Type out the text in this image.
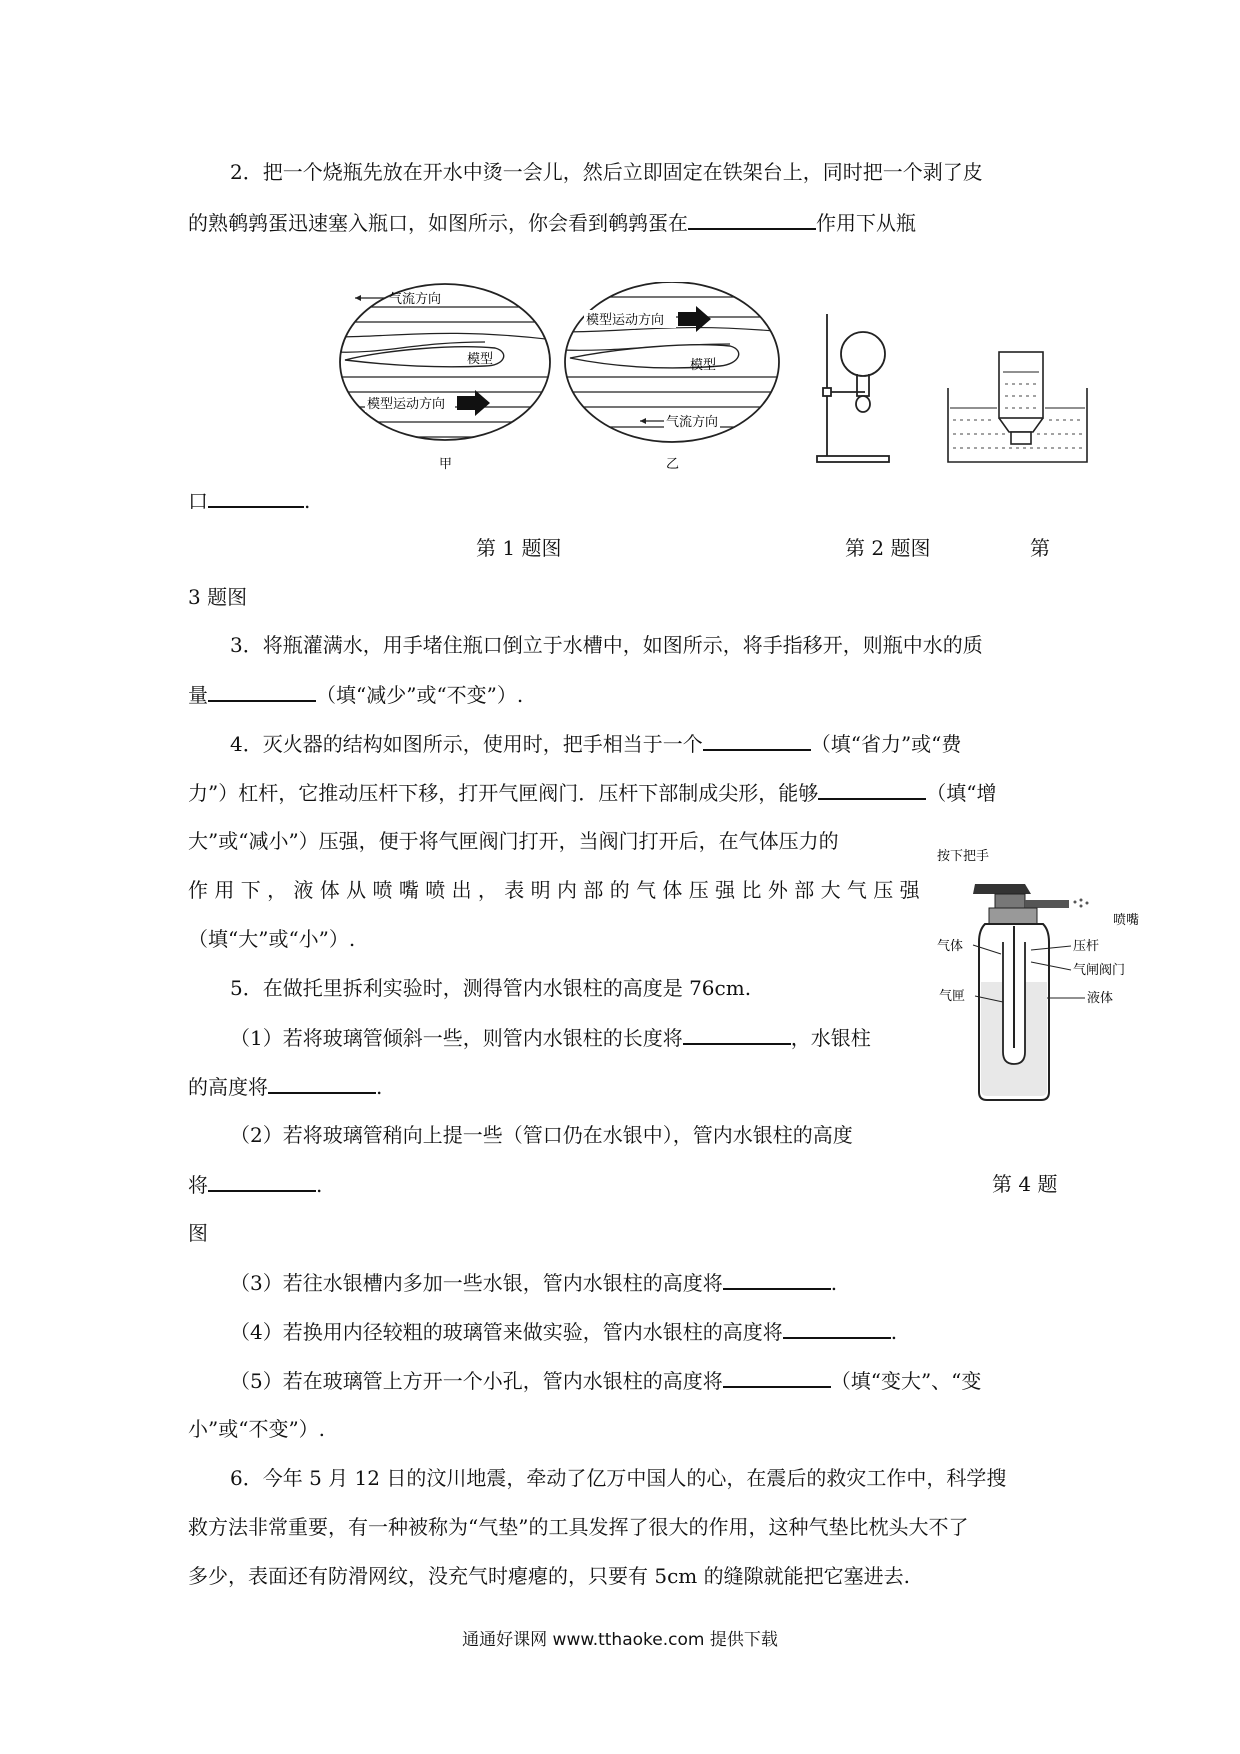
2．把一个烧瓶先放在开水中烫一会儿，然后立即固定在铁架台上，同时把一个剥了皮
的熟鹌鹑蛋迅速塞入瓶口，如图所示，你会看到鹌鹑蛋在	作用下从瓶
气流方向
模型
模型运动方向
甲
模型运动方向
模型
气流方向
乙
口	.
第 1 题图	第 2 题图	第
3 题图
3．将瓶灌满水，用手堵住瓶口倒立于水槽中，如图所示，将手指移开，则瓶中水的质
量	（填“减少”或“不变”）.
4．灭火器的结构如图所示，使用时，把手相当于一个	（填“省力”或“费
力”）杠杆，它推动压杆下移，打开气匣阀门．压杆下部制成尖形，能够	（填“增
大”或“减小”）压强，便于将气匣阀门打开，当阀门打开后，在气体压力的
作 用 下 ， 液 体 从 喷 嘴 喷 出 ， 表 明 内 部 的 气 体 压 强 比 外 部 大 气 压 强
（填“大”或“小”）.
按下把手
喷嘴
气体	压杆
气闸阀门
气匣	液体
5．在做托里拆利实验时，测得管内水银柱的高度是 76cm.
（1）若将玻璃管倾斜一些，则管内水银柱的长度将	，水银柱
的高度将	.
（2）若将玻璃管稍向上提一些（管口仍在水银中），管内水银柱的高度
将	.	第 4 题
图
（3）若往水银槽内多加一些水银，管内水银柱的高度将	.
（4）若换用内径较粗的玻璃管来做实验，管内水银柱的高度将	.
（5）若在玻璃管上方开一个小孔，管内水银柱的高度将	（填“变大”、“变
小”或“不变”）.
6．今年 5 月 12 日的汶川地震，牵动了亿万中国人的心，在震后的救灾工作中，科学搜
救方法非常重要，有一种被称为“气垫”的工具发挥了很大的作用，这种气垫比枕头大不了
多少，表面还有防滑网纹，没充气时瘪瘪的，只要有 5cm 的缝隙就能把它塞进去.
通通好课网 www.tthaoke.com 提供下载
